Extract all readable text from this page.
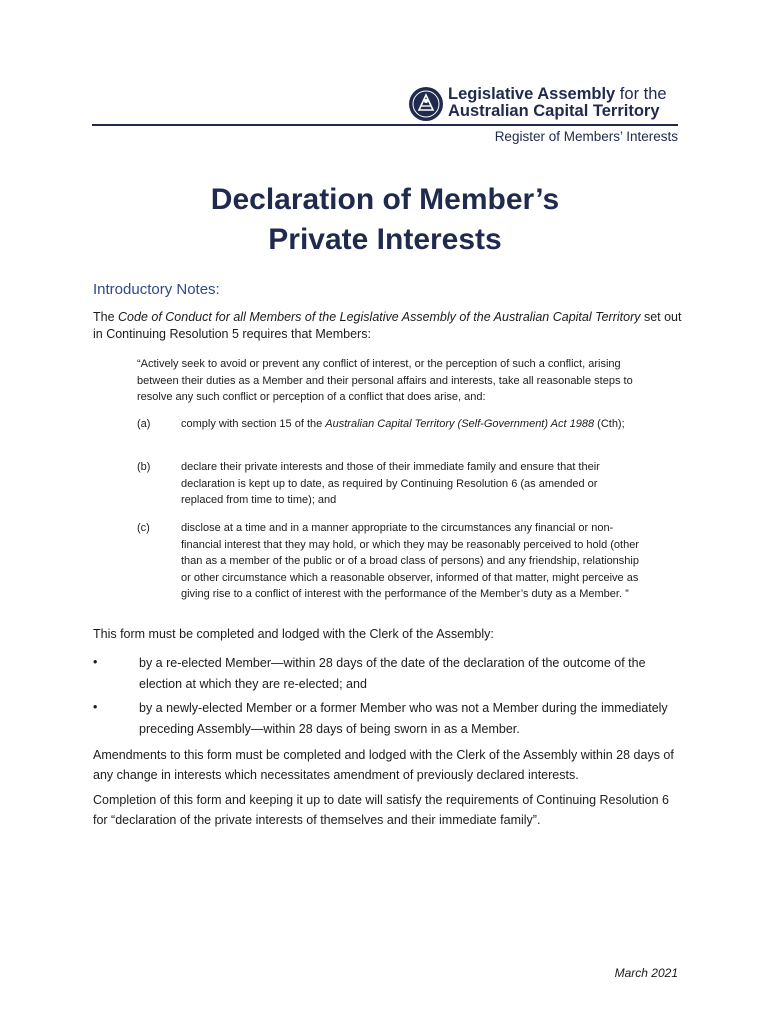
Legislative Assembly for the
Australian Capital Territory
Register of Members’ Interests
Declaration of Member’s
Private Interests
Introductory Notes:
The Code of Conduct for all Members of the Legislative Assembly of the Australian Capital Territory set out in Continuing Resolution 5 requires that Members:
“Actively seek to avoid or prevent any conflict of interest, or the perception of such a conflict, arising between their duties as a Member and their personal affairs and interests, take all reasonable steps to resolve any such conflict or perception of a conflict that does arise, and:
(a)	comply with section 15 of the Australian Capital Territory (Self-Government) Act 1988 (Cth);
(b)	declare their private interests and those of their immediate family and ensure that their declaration is kept up to date, as required by Continuing Resolution 6 (as amended or replaced from time to time); and
(c)	disclose at a time and in a manner appropriate to the circumstances any financial or non-financial interest that they may hold, or which they may be reasonably perceived to hold (other than as a member of the public or of a broad class of persons) and any friendship, relationship or other circumstance which a reasonable observer, informed of that matter, might perceive as giving rise to a conflict of interest with the performance of the Member’s duty as a Member. ”
This form must be completed and lodged with the Clerk of the Assembly:
•	by a re-elected Member—within 28 days of the date of the declaration of the outcome of the election at which they are re-elected; and
•	by a newly-elected Member or a former Member who was not a Member during the immediately preceding Assembly—within 28 days of being sworn in as a Member.
Amendments to this form must be completed and lodged with the Clerk of the Assembly within 28 days of any change in interests which necessitates amendment of previously declared interests.
Completion of this form and keeping it up to date will satisfy the requirements of Continuing Resolution 6 for “declaration of the private interests of themselves and their immediate family”.
March 2021
